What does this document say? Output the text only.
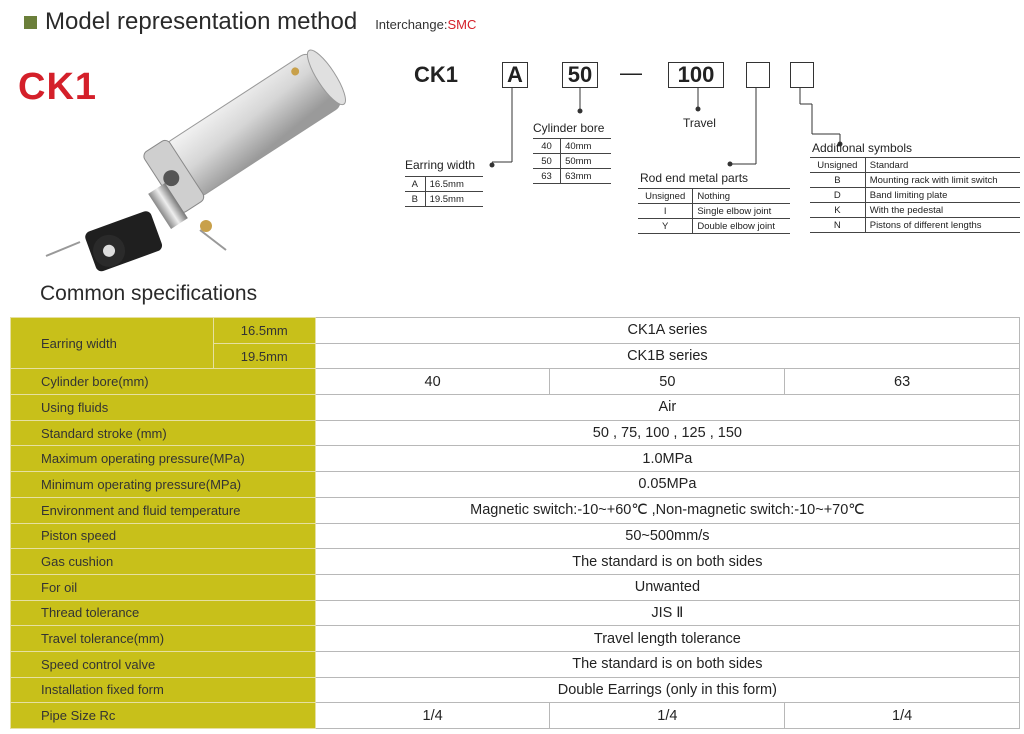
Model representation method Interchange:SMC
CK1	CK1 A 50 —	100
Earring width
A	16.5mm
B	19.5mm
Cylinder bore
40	40mm
50	50mm
63	63mm
Travel
Rod end metal parts
Unsigned	Nothing
I	Single elbow joint
Y	Double elbow joint
Additional symbols
Unsigned	Standard
B	Mounting rack with limit switch
D	Band limiting plate
K	With the pedestal
N	Pistons of different lengths
Common specifications
Earring width	16.5mm	CK1A series		
	19.5mm	CK1B series		
Cylinder bore(mm)		40	50	63
Using fluids		Air		
Standard stroke (mm)		50 , 75, 100 , 125 , 150		
Maximum operating pressure(MPa)		1.0MPa		
Minimum operating pressure(MPa)		0.05MPa		
Environment and fluid temperature		Magnetic switch:-10~+60℃ ,Non-magnetic switch:-10~+70℃		
Piston speed		50~500mm/s		
Gas cushion		The standard is on both sides		
For oil		Unwanted		
Thread tolerance		JIS Ⅱ		
Travel tolerance(mm)		Travel length tolerance		
Speed control valve		The standard is on both sides		
Installation fixed form		Double Earrings (only in this form)		
Pipe Size Rc		1/4	1/4	1/4
